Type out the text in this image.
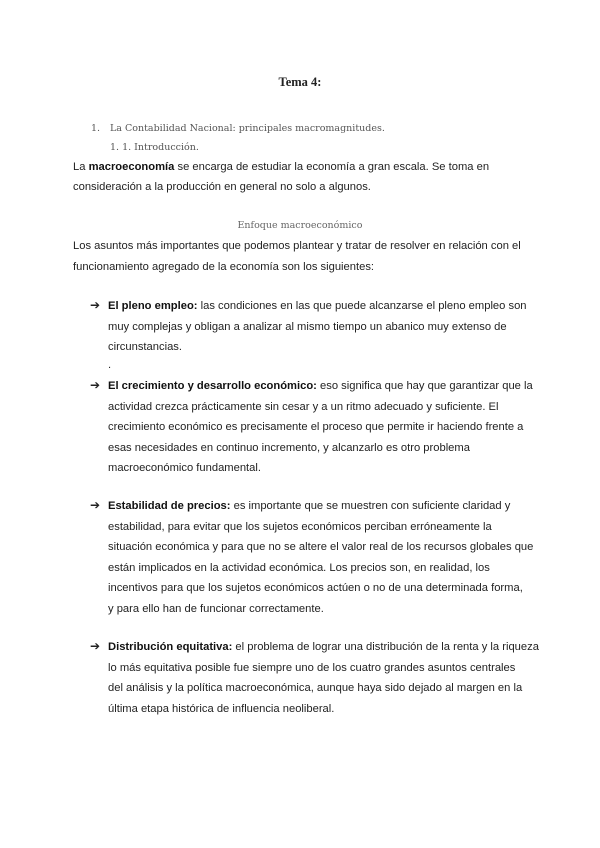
Tema 4:
1. La Contabilidad Nacional: principales macromagnitudes.
1. 1. Introducción.
La macroeconomía se encarga de estudiar la economía a gran escala. Se toma en
consideración a la producción en general no solo a algunos.
Enfoque macroeconómico
Los asuntos más importantes que podemos plantear y tratar de resolver en relación con el
funcionamiento agregado de la economía son los siguientes:
.
➔ El pleno empleo: las condiciones en las que puede alcanzarse el pleno empleo son
muy complejas y obligan a analizar al mismo tiempo un abanico muy extenso de
circunstancias.
➔ El crecimiento y desarrollo económico: eso significa que hay que garantizar que la
actividad crezca prácticamente sin cesar y a un ritmo adecuado y suficiente. El
crecimiento económico es precisamente el proceso que permite ir haciendo frente a
esas necesidades en continuo incremento, y alcanzarlo es otro problema
macroeconómico fundamental.
➔ Estabilidad de precios: es importante que se muestren con suficiente claridad y
estabilidad, para evitar que los sujetos económicos perciban erróneamente la
situación económica y para que no se altere el valor real de los recursos globales que
están implicados en la actividad económica. Los precios son, en realidad, los
incentivos para que los sujetos económicos actúen o no de una determinada forma,
y para ello han de funcionar correctamente.
➔ Distribución equitativa: el problema de lograr una distribución de la renta y la riqueza
lo más equitativa posible fue siempre uno de los cuatro grandes asuntos centrales
del análisis y la política macroeconómica, aunque haya sido dejado al margen en la
última etapa histórica de influencia neoliberal.
